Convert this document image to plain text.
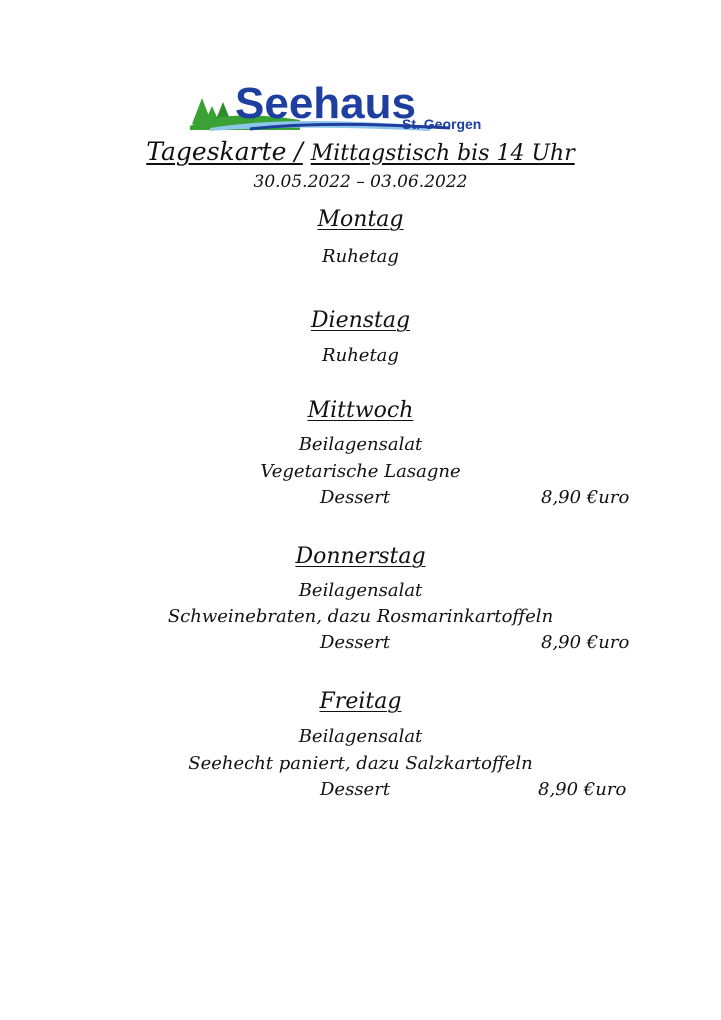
Seehaus
St. Georgen
Tageskarte / Mittagstisch bis 14 Uhr
30.05.2022 – 03.06.2022
Montag
Ruhetag
Dienstag
Ruhetag
Mittwoch
Beilagensalat
Vegetarische Lasagne
Dessert	8,90 €uro
Donnerstag
Beilagensalat
Schweinebraten, dazu Rosmarinkartoffeln
Dessert	8,90 €uro
Freitag
Beilagensalat
Seehecht paniert, dazu Salzkartoffeln
Dessert	8,90 €uro
